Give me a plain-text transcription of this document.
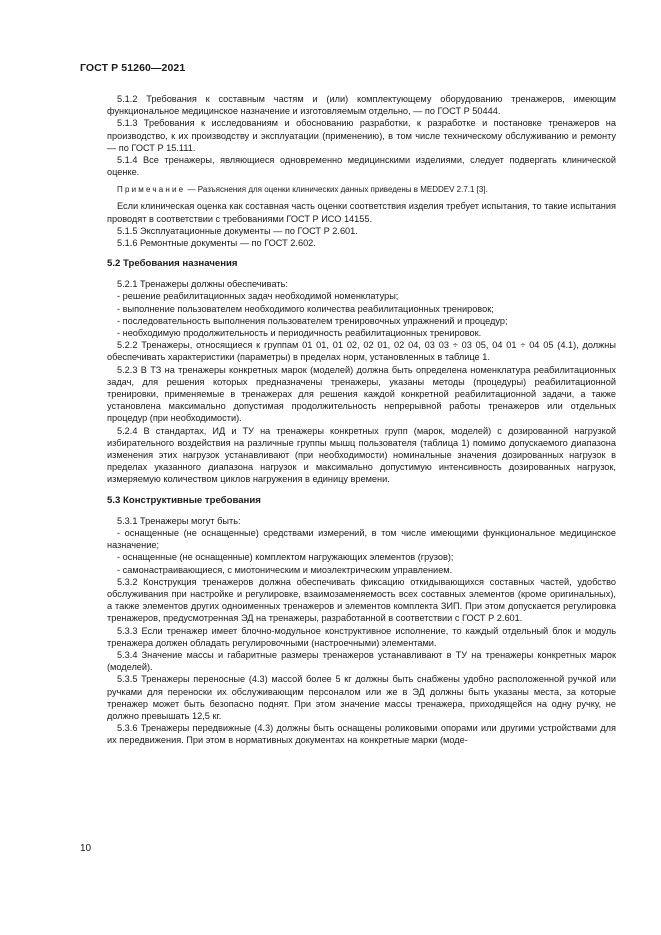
ГОСТ Р 51260—2021

5.1.2 Требования к составным частям и (или) комплектующему оборудованию тренажеров, имеющим функциональное медицинское назначение и изготовляемым отдельно, — по ГОСТ Р 50444.

5.1.3 Требования к исследованиям и обоснованию разработки, к разработке и постановке тренажеров на производство, к их производству и эксплуатации (применению), в том числе техническому обслуживанию и ремонту — по ГОСТ Р 15.111.

5.1.4 Все тренажеры, являющиеся одновременно медицинскими изделиями, следует подвергать клинической оценке.

Примечание — Разъяснения для оценки клинических данных приведены в MEDDEV 2.7.1 [3].

Если клиническая оценка как составная часть оценки соответствия изделия требует испытания, то такие испытания проводят в соответствии с требованиями ГОСТ Р ИСО 14155.

5.1.5 Эксплуатационные документы — по ГОСТ Р 2.601.

5.1.6 Ремонтные документы — по ГОСТ 2.602.

5.2 Требования назначения

5.2.1 Тренажеры должны обеспечивать:

- решение реабилитационных задач необходимой номенклатуры;
- выполнение пользователем необходимого количества реабилитационных тренировок;
- последовательность выполнения пользователем тренировочных упражнений и процедур;
- необходимую продолжительность и периодичность реабилитационных тренировок.

5.2.2 Тренажеры, относящиеся к группам 01 01, 01 02, 02 01, 02 04, 03 03 ÷ 03 05, 04 01 ÷ 04 05 (4.1), должны обеспечивать характеристики (параметры) в пределах норм, установленных в таблице 1.

5.2.3 В ТЗ на тренажеры конкретных марок (моделей) должна быть определена номенклатура реабилитационных задач, для решения которых предназначены тренажеры, указаны методы (процедуры) реабилитационной тренировки, применяемые в тренажерах для решения каждой конкретной реабилитационной задачи, а также установлена максимально допустимая продолжительность непрерывной работы тренажеров или отдельных процедур (при необходимости).

5.2.4 В стандартах, ИД и ТУ на тренажеры конкретных групп (марок, моделей) с дозированной нагрузкой избирательного воздействия на различные группы мышц пользователя (таблица 1) помимо допускаемого диапазона изменения этих нагрузок устанавливают (при необходимости) номинальные значения дозированных нагрузок в пределах указанного диапазона нагрузок и максимально допустимую интенсивность дозированных нагрузок, измеряемую количеством циклов нагружения в единицу времени.

5.3 Конструктивные требования

5.3.1 Тренажеры могут быть:

- оснащенные (не оснащенные) средствами измерений, в том числе имеющими функциональное медицинское назначение;
- оснащенные (не оснащенные) комплектом нагружающих элементов (грузов);
- самонастраивающиеся, с миотоническим и миоэлектрическим управлением.

5.3.2 Конструкция тренажеров должна обеспечивать фиксацию откидывающихся составных частей, удобство обслуживания при настройке и регулировке, взаимозаменяемость всех составных элементов (кроме оригинальных), а также элементов других одноименных тренажеров и элементов комплекта ЗИП. При этом допускается регулировка тренажеров, предусмотренная ЭД на тренажеры, разработанной в соответствии с ГОСТ Р 2.601.

5.3.3 Если тренажер имеет блочно-модульное конструктивное исполнение, то каждый отдельный блок и модуль тренажера должен обладать регулировочными (настроечными) элементами.

5.3.4 Значение массы и габаритные размеры тренажеров устанавливают в ТУ на тренажеры конкретных марок (моделей).

5.3.5 Тренажеры переносные (4.3) массой более 5 кг должны быть снабжены удобно расположенной ручкой или ручками для переноски их обслуживающим персоналом или же в ЭД должны быть указаны места, за которые тренажер может быть безопасно поднят. При этом значение массы тренажера, приходящейся на одну ручку, не должно превышать 12,5 кг.

5.3.6 Тренажеры передвижные (4.3) должны быть оснащены роликовыми опорами или другими устройствами для их передвижения. При этом в нормативных документах на конкретные марки (моде-

10
